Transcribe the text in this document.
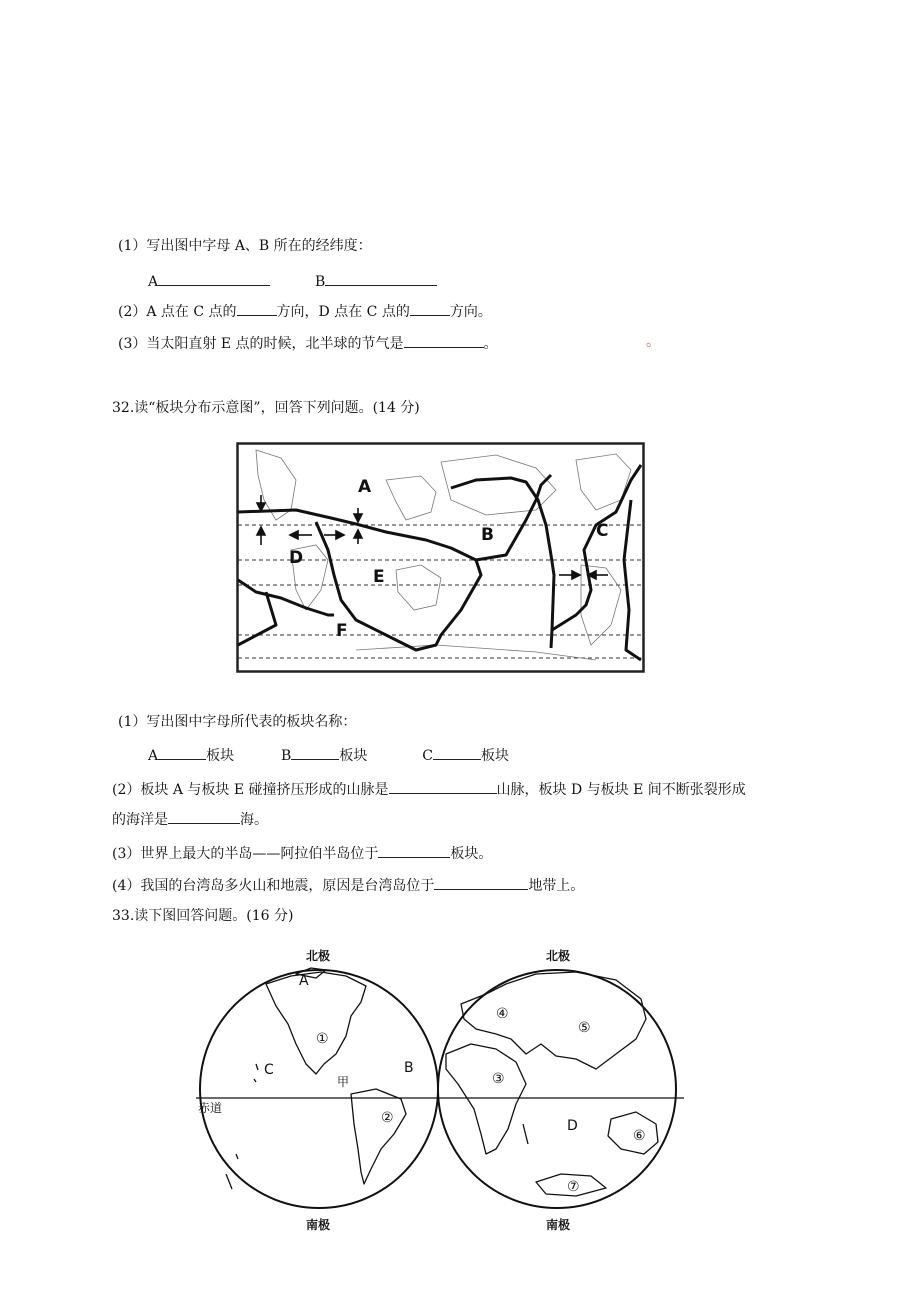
(1）写出图中字母 A、B 所在的经纬度：
A	B
(2）A 点在 C 点的	方向，D 点在 C 点的	方向。
(3）当太阳直射 E 点的时候，北半球的节气是	。	。
32.读“板块分布示意图”，回答下列问题。(14 分)
A
B	C
D
E
F
(1）写出图中字母所代表的板块名称：
A	板块	B	板块	C	板块
(2）板块 A 与板块 E 碰撞挤压形成的山脉是	山脉，板块 D 与板块 E 间不断张裂形成
的海洋是	海。
(3）世界上最大的半岛——阿拉伯半岛位于	板块。
(4）我国的台湾岛多火山和地震，原因是台湾岛位于	地带上。
33.读下图回答问题。(16 分)
北极	北极
南极	南极
赤道
甲
A
B
C
D
①
②
③
④
⑤
⑥
⑦
